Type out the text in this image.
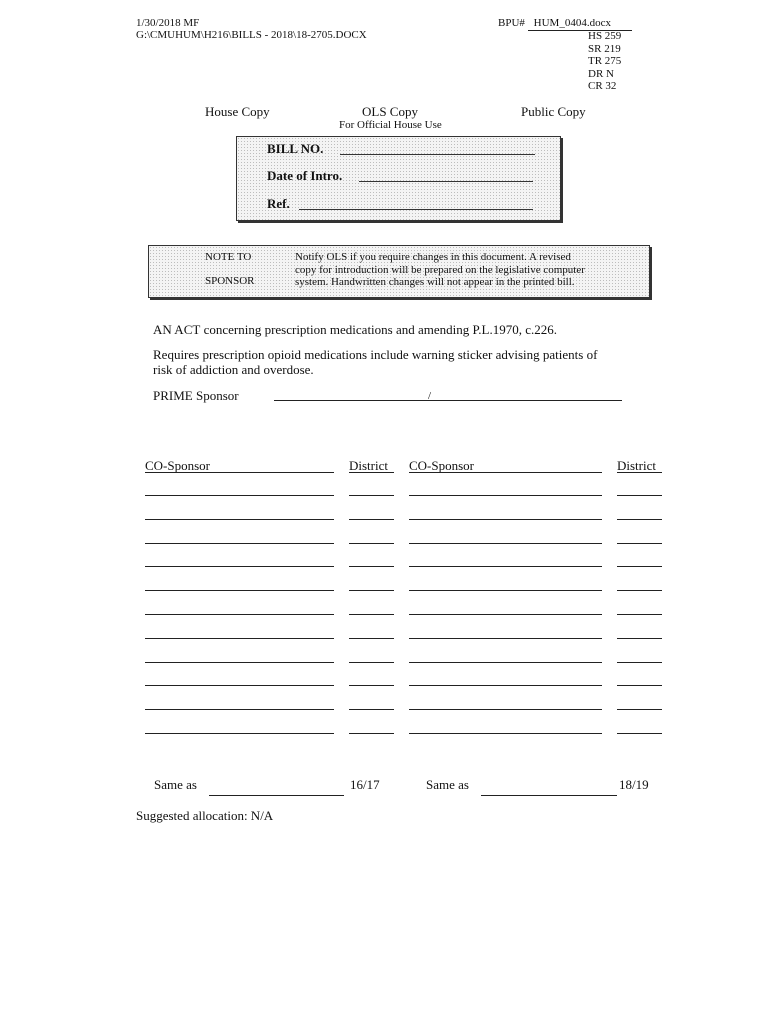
1/30/2018 MF
G:\CMUHUM\H216\BILLS - 2018\18-2705.DOCX
BPU# HUM_0404.docx
HS 259
SR 219
TR 275
DR N
CR 32
House Copy	OLS Copy
For Official House Use
Public Copy
BILL NO.
Date of Intro.
Ref.
NOTE TO
SPONSOR
Notify OLS if you require changes in this document. A revised
copy for introduction will be prepared on the legislative computer
system. Handwritten changes will not appear in the printed bill.
AN ACT concerning prescription medications and amending P.L.1970, c.226.
Requires prescription opioid medications include warning sticker advising patients of
risk of addiction and overdose.
PRIME Sponsor	/
CO-Sponsor	District CO-Sponsor	District
Same as	16/17	Same as	18/19
Suggested allocation: N/A
